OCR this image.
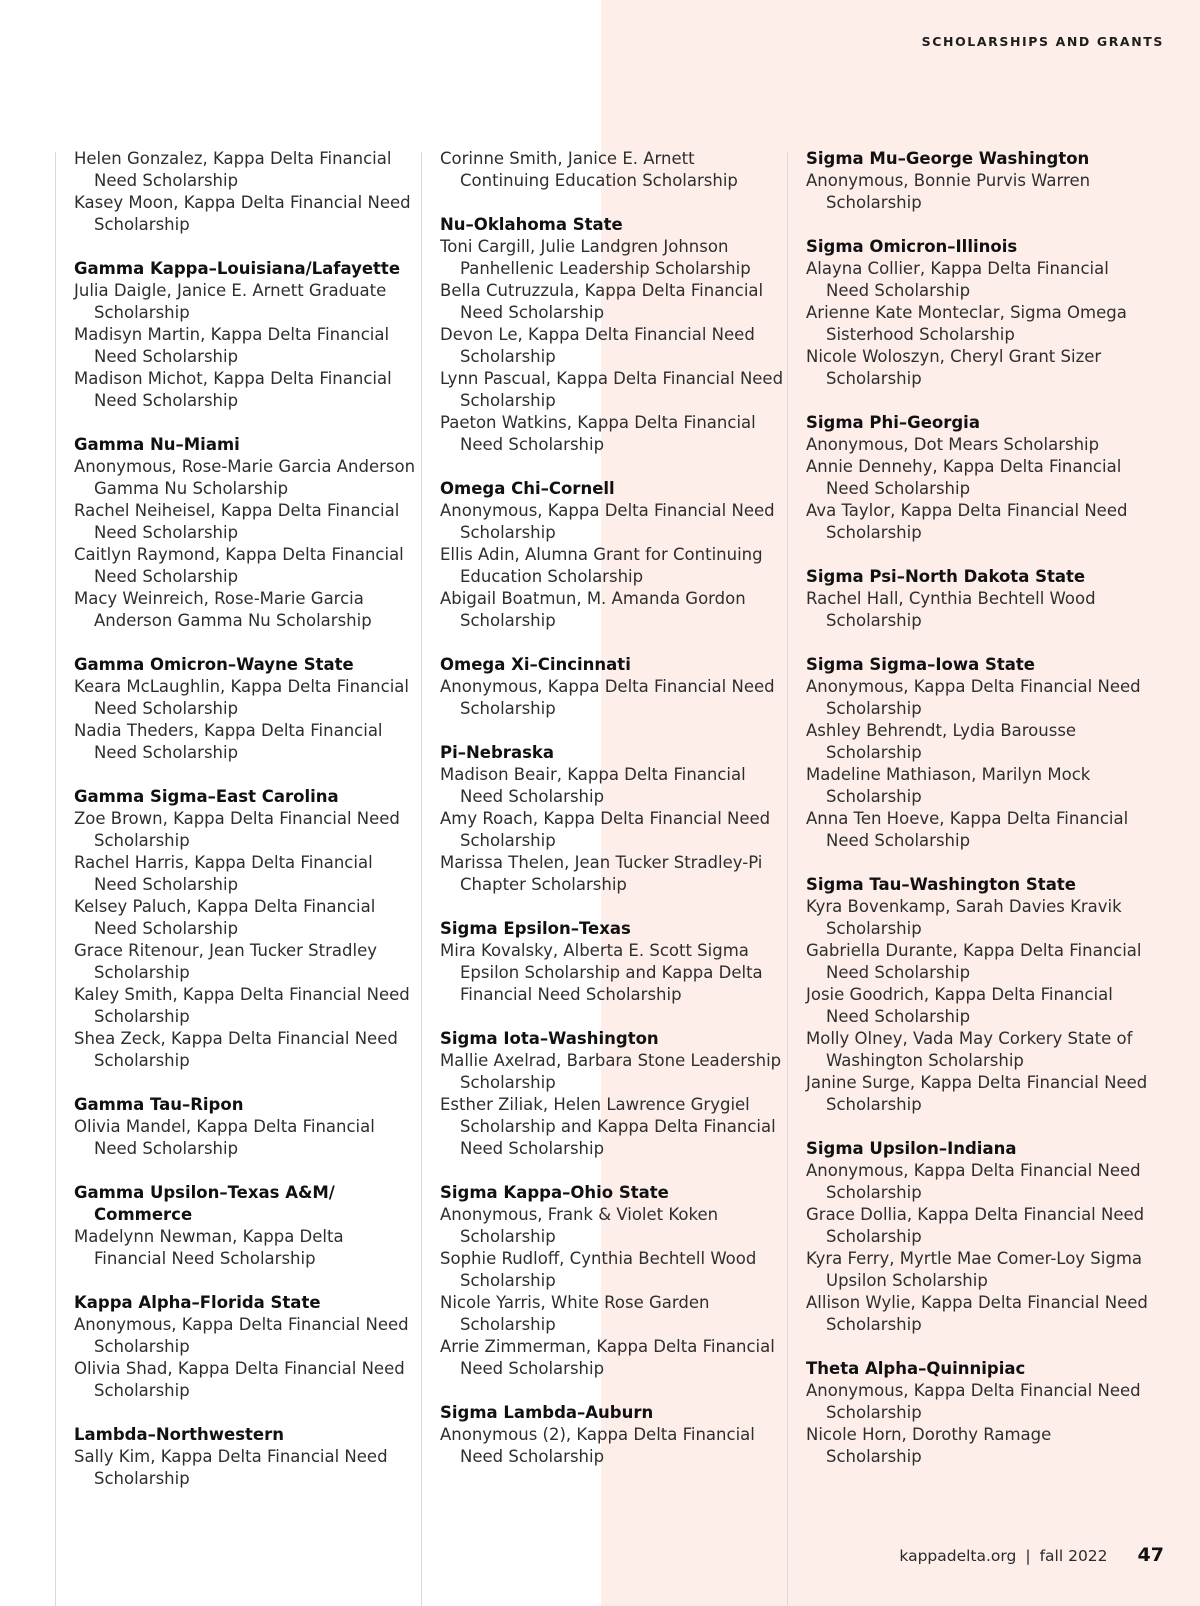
SCHOLARSHIPS AND GRANTS
Helen Gonzalez, Kappa Delta Financial Need Scholarship
Kasey Moon, Kappa Delta Financial Need Scholarship
Gamma Kappa–Louisiana/Lafayette
Julia Daigle, Janice E. Arnett Graduate Scholarship
Madisyn Martin, Kappa Delta Financial Need Scholarship
Madison Michot, Kappa Delta Financial Need Scholarship
Gamma Nu–Miami
Anonymous, Rose-Marie Garcia Anderson Gamma Nu Scholarship
Rachel Neiheisel, Kappa Delta Financial Need Scholarship
Caitlyn Raymond, Kappa Delta Financial Need Scholarship
Macy Weinreich, Rose-Marie Garcia Anderson Gamma Nu Scholarship
Gamma Omicron–Wayne State
Keara McLaughlin, Kappa Delta Financial Need Scholarship
Nadia Theders, Kappa Delta Financial Need Scholarship
Gamma Sigma–East Carolina
Zoe Brown, Kappa Delta Financial Need Scholarship
Rachel Harris, Kappa Delta Financial Need Scholarship
Kelsey Paluch, Kappa Delta Financial Need Scholarship
Grace Ritenour, Jean Tucker Stradley Scholarship
Kaley Smith, Kappa Delta Financial Need Scholarship
Shea Zeck, Kappa Delta Financial Need Scholarship
Gamma Tau–Ripon
Olivia Mandel, Kappa Delta Financial Need Scholarship
Gamma Upsilon–Texas A&M/ Commerce
Madelynn Newman, Kappa Delta Financial Need Scholarship
Kappa Alpha–Florida State
Anonymous, Kappa Delta Financial Need Scholarship
Olivia Shad, Kappa Delta Financial Need Scholarship
Lambda–Northwestern
Sally Kim, Kappa Delta Financial Need Scholarship
Corinne Smith, Janice E. Arnett Continuing Education Scholarship
Nu–Oklahoma State
Toni Cargill, Julie Landgren Johnson Panhellenic Leadership Scholarship
Bella Cutruzzula, Kappa Delta Financial Need Scholarship
Devon Le, Kappa Delta Financial Need Scholarship
Lynn Pascual, Kappa Delta Financial Need Scholarship
Paeton Watkins, Kappa Delta Financial Need Scholarship
Omega Chi–Cornell
Anonymous, Kappa Delta Financial Need Scholarship
Ellis Adin, Alumna Grant for Continuing Education Scholarship
Abigail Boatmun, M. Amanda Gordon Scholarship
Omega Xi–Cincinnati
Anonymous, Kappa Delta Financial Need Scholarship
Pi–Nebraska
Madison Beair, Kappa Delta Financial Need Scholarship
Amy Roach, Kappa Delta Financial Need Scholarship
Marissa Thelen, Jean Tucker Stradley-Pi Chapter Scholarship
Sigma Epsilon–Texas
Mira Kovalsky, Alberta E. Scott Sigma Epsilon Scholarship and Kappa Delta Financial Need Scholarship
Sigma Iota–Washington
Mallie Axelrad, Barbara Stone Leadership Scholarship
Esther Ziliak, Helen Lawrence Grygiel Scholarship and Kappa Delta Financial Need Scholarship
Sigma Kappa–Ohio State
Anonymous, Frank & Violet Koken Scholarship
Sophie Rudloff, Cynthia Bechtell Wood Scholarship
Nicole Yarris, White Rose Garden Scholarship
Arrie Zimmerman, Kappa Delta Financial Need Scholarship
Sigma Lambda–Auburn
Anonymous (2), Kappa Delta Financial Need Scholarship
Sigma Mu–George Washington
Anonymous, Bonnie Purvis Warren Scholarship
Sigma Omicron–Illinois
Alayna Collier, Kappa Delta Financial Need Scholarship
Arienne Kate Monteclar, Sigma Omega Sisterhood Scholarship
Nicole Woloszyn, Cheryl Grant Sizer Scholarship
Sigma Phi–Georgia
Anonymous, Dot Mears Scholarship
Annie Dennehy, Kappa Delta Financial Need Scholarship
Ava Taylor, Kappa Delta Financial Need Scholarship
Sigma Psi–North Dakota State
Rachel Hall, Cynthia Bechtell Wood Scholarship
Sigma Sigma–Iowa State
Anonymous, Kappa Delta Financial Need Scholarship
Ashley Behrendt, Lydia Barousse Scholarship
Madeline Mathiason, Marilyn Mock Scholarship
Anna Ten Hoeve, Kappa Delta Financial Need Scholarship
Sigma Tau–Washington State
Kyra Bovenkamp, Sarah Davies Kravik Scholarship
Gabriella Durante, Kappa Delta Financial Need Scholarship
Josie Goodrich, Kappa Delta Financial Need Scholarship
Molly Olney, Vada May Corkery State of Washington Scholarship
Janine Surge, Kappa Delta Financial Need Scholarship
Sigma Upsilon–Indiana
Anonymous, Kappa Delta Financial Need Scholarship
Grace Dollia, Kappa Delta Financial Need Scholarship
Kyra Ferry, Myrtle Mae Comer-Loy Sigma Upsilon Scholarship
Allison Wylie, Kappa Delta Financial Need Scholarship
Theta Alpha–Quinnipiac
Anonymous, Kappa Delta Financial Need Scholarship
Nicole Horn, Dorothy Ramage Scholarship
kappadelta.org | fall 2022 47
